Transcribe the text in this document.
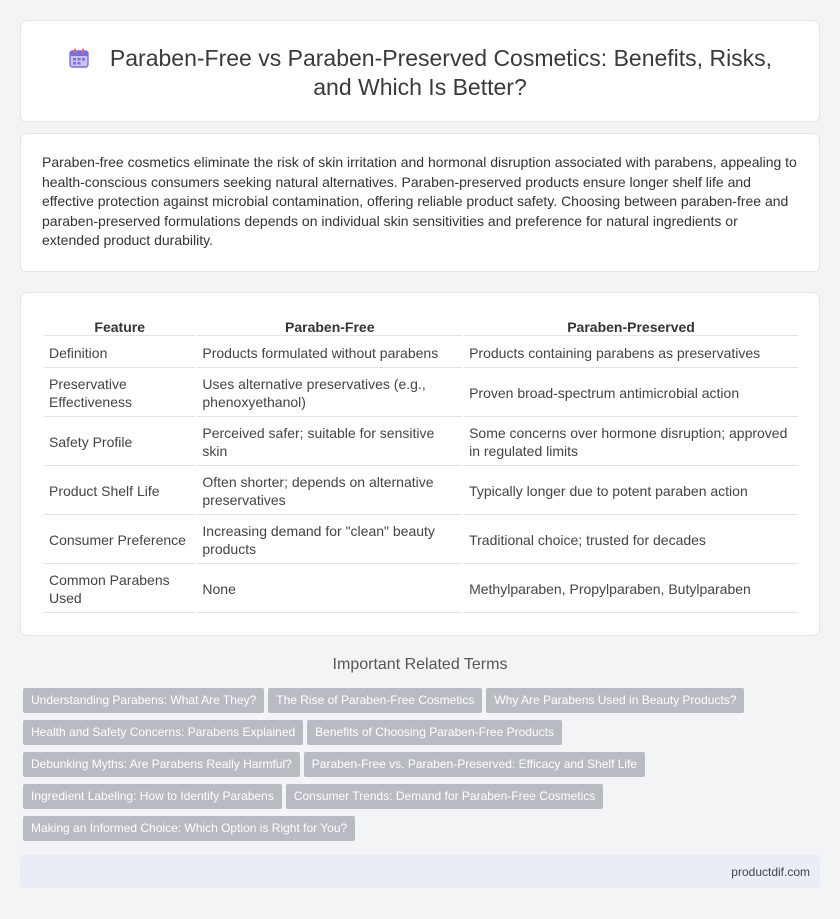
Paraben-Free vs Paraben-Preserved Cosmetics: Benefits, Risks, and Which Is Better?

Paraben-free cosmetics eliminate the risk of skin irritation and hormonal disruption associated with parabens, appealing to health-conscious consumers seeking natural alternatives. Paraben-preserved products ensure longer shelf life and effective protection against microbial contamination, offering reliable product safety. Choosing between paraben-free and paraben-preserved formulations depends on individual skin sensitivities and preference for natural ingredients or extended product durability.

Feature	Paraben-Free	Paraben-Preserved
Definition	Products formulated without parabens	Products containing parabens as preservatives
Preservative Effectiveness	Uses alternative preservatives (e.g., phenoxyethanol)	Proven broad-spectrum antimicrobial action
Safety Profile	Perceived safer; suitable for sensitive skin	Some concerns over hormone disruption; approved in regulated limits
Product Shelf Life	Often shorter; depends on alternative preservatives	Typically longer due to potent paraben action
Consumer Preference	Increasing demand for "clean" beauty products	Traditional choice; trusted for decades
Common Parabens Used	None	Methylparaben, Propylparaben, Butylparaben
Important Related Terms
Understanding Parabens: What Are They? The Rise of Paraben-Free Cosmetics Why Are Parabens Used in Beauty Products?
Health and Safety Concerns: Parabens Explained Benefits of Choosing Paraben-Free Products
Debunking Myths: Are Parabens Really Harmful? Paraben-Free vs. Paraben-Preserved: Efficacy and Shelf Life
Ingredient Labeling: How to Identify Parabens Consumer Trends: Demand for Paraben-Free Cosmetics
Making an Informed Choice: Which Option is Right for You?
productdif.com
